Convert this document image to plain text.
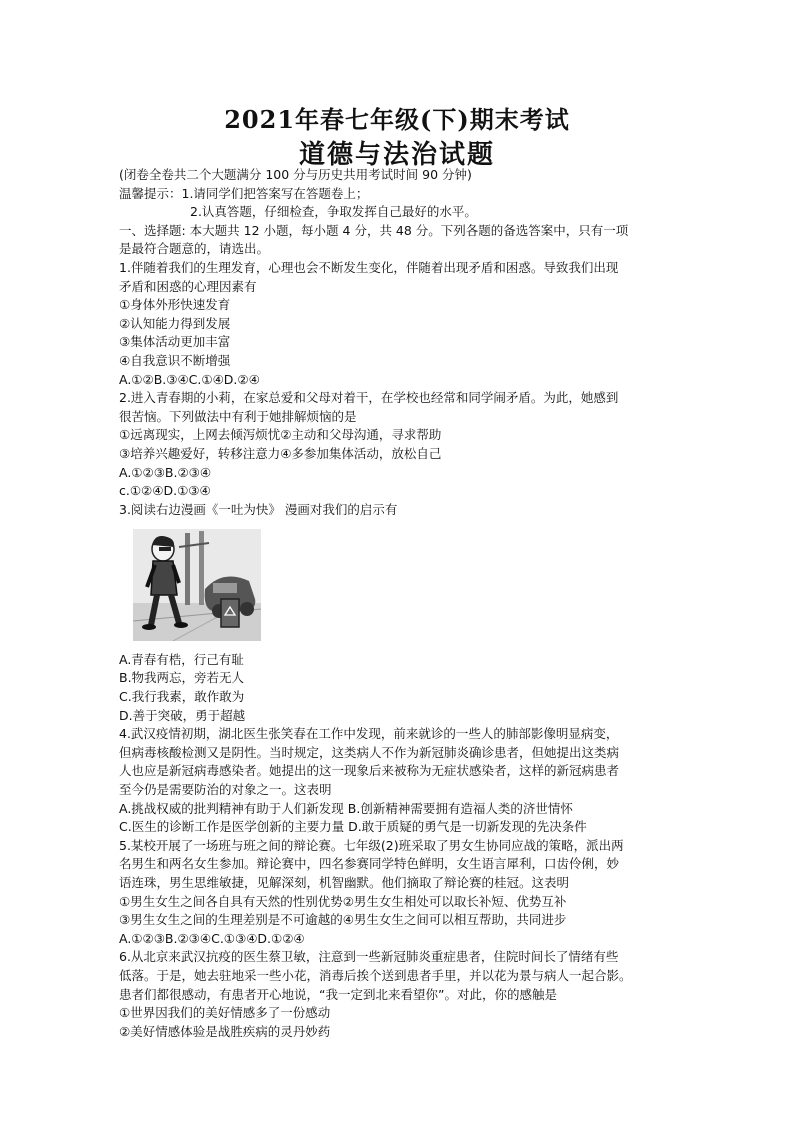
2021年春七年级(下)期末考试
道德与法治试题
(闭卷全卷共二个大题满分 100 分与历史共用考试时间 90 分钟)
温馨提示：1.请同学们把答案写在答题卷上；
2.认真答题，仔细检查，争取发挥自己最好的水平。
一、选择题: 本大题共 12 小题，每小题 4 分，共 48 分。下列各题的备选答案中，只有一项
是最符合题意的，请选出。
1.伴随着我们的生理发育，心理也会不断发生变化，伴随着出现矛盾和困惑。导致我们出现
矛盾和困惑的心理因素有
①身体外形快速发育
②认知能力得到发展
③集体活动更加丰富
④自我意识不断增强
A.①②B.③④C.①④D.②④
2.进入青春期的小莉，在家总爱和父母对着干，在学校也经常和同学闹矛盾。为此，她感到
很苦恼。下列做法中有利于她排解烦恼的是
①远离现实，上网去倾泻烦忧②主动和父母沟通，寻求帮助
③培养兴趣爱好，转移注意力④多参加集体活动，放松自己
A.①②③B.②③④
c.①②④D.①③④
3.阅读右边漫画《一吐为快》 漫画对我们的启示有
A.青春有梏，行己有耻
B.物我两忘，旁若无人
C.我行我素，敢作敢为
D.善于突破，勇于超越
4.武汉疫情初期，湖北医生张笑春在工作中发现，前来就诊的一些人的肺部影像明显病变，
但病毒核酸检测又是阴性。当时规定，这类病人不作为新冠肺炎确诊患者，但她提出这类病
人也应是新冠病毒感染者。她提出的这一现象后来被称为无症状感染者，这样的新冠病患者
至今仍是需要防治的对象之一。这表明
A.挑战权威的批判精神有助于人们新发现 B.创新精神需要拥有造福人类的济世情怀
C.医生的诊断工作是医学创新的主要力量 D.敢于质疑的勇气是一切新发现的先决条件
5.某校开展了一场班与班之间的辩论赛。七年级(2)班采取了男女生协同应战的策略，派出两
名男生和两名女生参加。辩论赛中，四名参赛同学特色鲜明，女生语言犀利，口齿伶俐，妙
语连珠，男生思维敏捷，见解深刻，机智幽默。他们摘取了辩论赛的桂冠。这表明
①男生女生之间各自具有天然的性别优势②男生女生相处可以取长补短、优势互补
③男生女生之间的生理差别是不可逾越的④男生女生之间可以相互帮助，共同进步
A.①②③B.②③④C.①③④D.①②④
6.从北京来武汉抗疫的医生蔡卫敏，注意到一些新冠肺炎重症患者，住院时间长了情绪有些
低落。于是，她去驻地采一些小花，消毒后挨个送到患者手里，并以花为景与病人一起合影。
患者们都很感动，有患者开心地说，“我一定到北来看望你”。对此，你的感触是
①世界因我们的美好情感多了一份感动
②美好情感体验是战胜疾病的灵丹妙药
